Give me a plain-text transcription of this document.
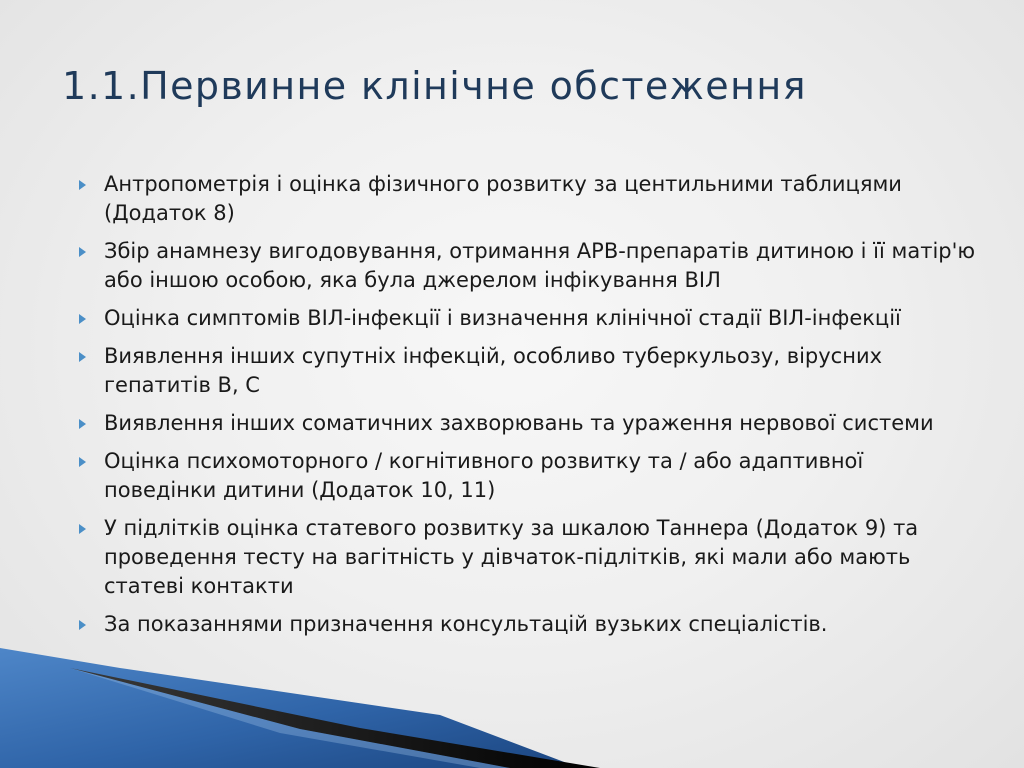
1.1.Первинне клінічне обстеження
Антропометрія і оцінка фізичного розвитку за центильними таблицями (Додаток 8)
Збір анамнезу вигодовування, отримання АРВ-препаратів дитиною і її матір'ю або іншою особою, яка була джерелом інфікування ВІЛ
Оцінка симптомів ВІЛ-інфекції і визначення клінічної стадії ВІЛ-інфекції
Виявлення інших супутніх інфекцій, особливо туберкульозу, вірусних гепатитів В, С
Виявлення інших соматичних захворювань та ураження нервової системи
Оцінка психомоторного / когнітивного розвитку та / або адаптивної поведінки дитини (Додаток 10, 11)
У підлітків оцінка статевого розвитку за шкалою Таннера (Додаток 9) та проведення тесту на вагітність у дівчаток-підлітків, які мали або мають статеві контакти
За показаннями призначення консультацій вузьких спеціалістів.
